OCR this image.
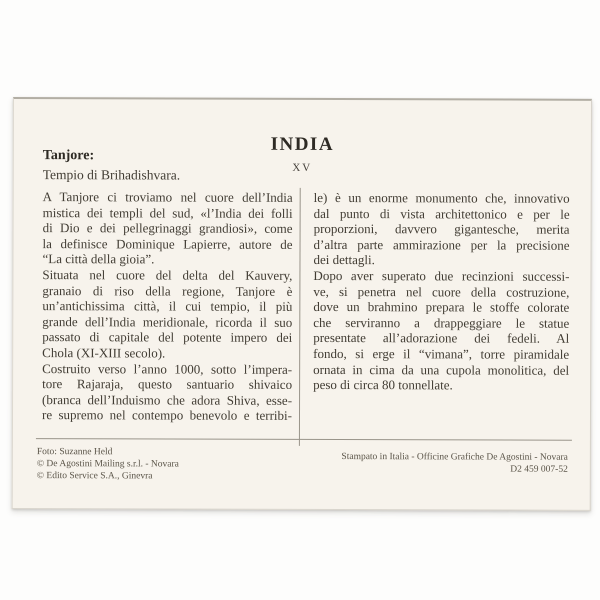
INDIA
XV
Tanjore:
Tempio di Brihadishvara.
A Tanjore ci troviamo nel cuore dell’India
mistica dei templi del sud, «l’India dei folli
di Dio e dei pellegrinaggi grandiosi», come
la definisce Dominique Lapierre, autore de
“La città della gioia”.
Situata nel cuore del delta del Kauvery,
granaio di riso della regione, Tanjore è
un’antichissima città, il cui tempio, il più
grande dell’India meridionale, ricorda il suo
passato di capitale del potente impero dei
Chola (XI-XIII secolo).
Costruito verso l’anno 1000, sotto l’impera-
tore Rajaraja, questo santuario shivaico
(branca dell’Induismo che adora Shiva, esse-
re supremo nel contempo benevolo e terribi-
le) è un enorme monumento che, innovativo
dal punto di vista architettonico e per le
proporzioni, davvero gigantesche, merita
d’altra parte ammirazione per la precisione
dei dettagli.
Dopo aver superato due recinzioni successi-
ve, si penetra nel cuore della costruzione,
dove un brahmino prepara le stoffe colorate
che serviranno a drappeggiare le statue
presentate all’adorazione dei fedeli. Al
fondo, si erge il “vimana”, torre piramidale
ornata in cima da una cupola monolitica, del
peso di circa 80 tonnellate.
Foto: Suzanne Held
© De Agostini Mailing s.r.l. - Novara
© Edito Service S.A., Ginevra
Stampato in Italia - Officine Grafiche De Agostini - Novara
D2 459 007-52
